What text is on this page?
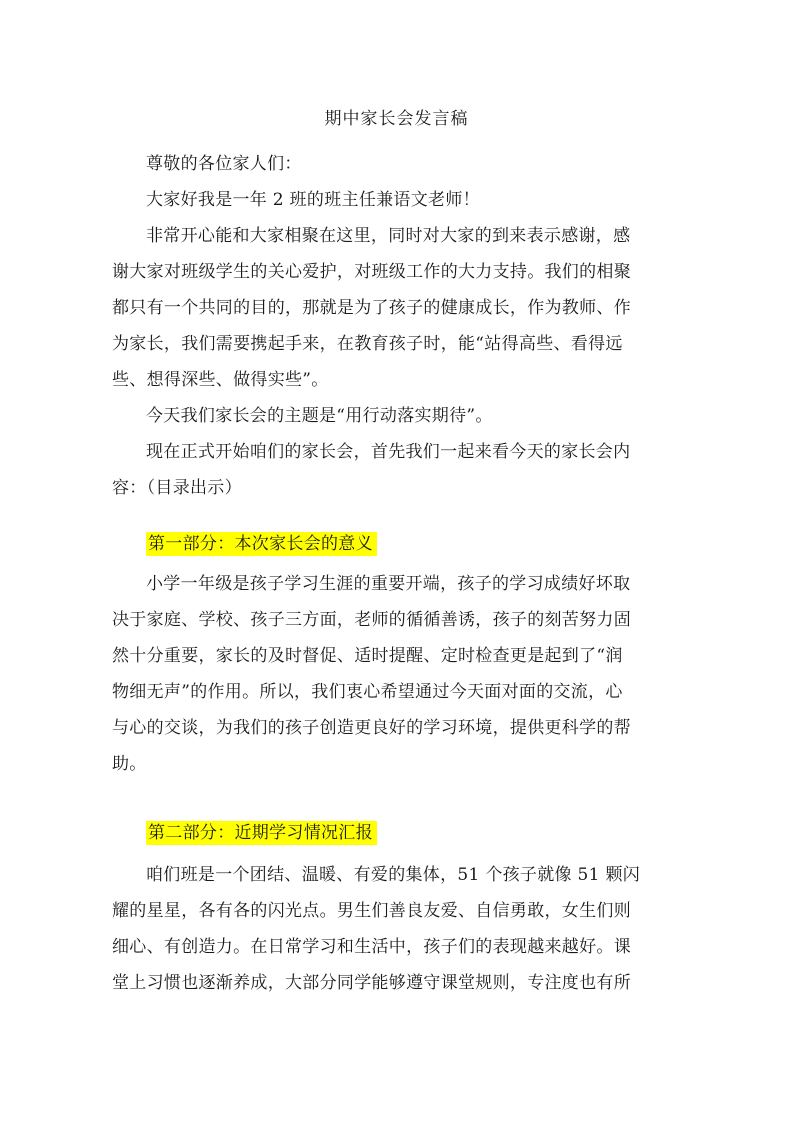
期中家长会发言稿
尊敬的各位家人们：
大家好我是一年 2 班的班主任兼语文老师！
非常开心能和大家相聚在这里，同时对大家的到来表示感谢，感
谢大家对班级学生的关心爱护，对班级工作的大力支持。我们的相聚
都只有一个共同的目的，那就是为了孩子的健康成长，作为教师、作
为家长，我们需要携起手来，在教育孩子时，能“站得高些、看得远
些、想得深些、做得实些”。
今天我们家长会的主题是“用行动落实期待”。
现在正式开始咱们的家长会，首先我们一起来看今天的家长会内
容：（目录出示）
第一部分：本次家长会的意义
小学一年级是孩子学习生涯的重要开端，孩子的学习成绩好坏取
决于家庭、学校、孩子三方面，老师的循循善诱，孩子的刻苦努力固
然十分重要，家长的及时督促、适时提醒、定时检查更是起到了“润
物细无声”的作用。所以，我们衷心希望通过今天面对面的交流，心
与心的交谈，为我们的孩子创造更良好的学习环境，提供更科学的帮
助。
第二部分：近期学习情况汇报
咱们班是一个团结、温暖、有爱的集体，51 个孩子就像 51 颗闪
耀的星星，各有各的闪光点。男生们善良友爱、自信勇敢，女生们则
细心、有创造力。在日常学习和生活中，孩子们的表现越来越好。课
堂上习惯也逐渐养成，大部分同学能够遵守课堂规则，专注度也有所
